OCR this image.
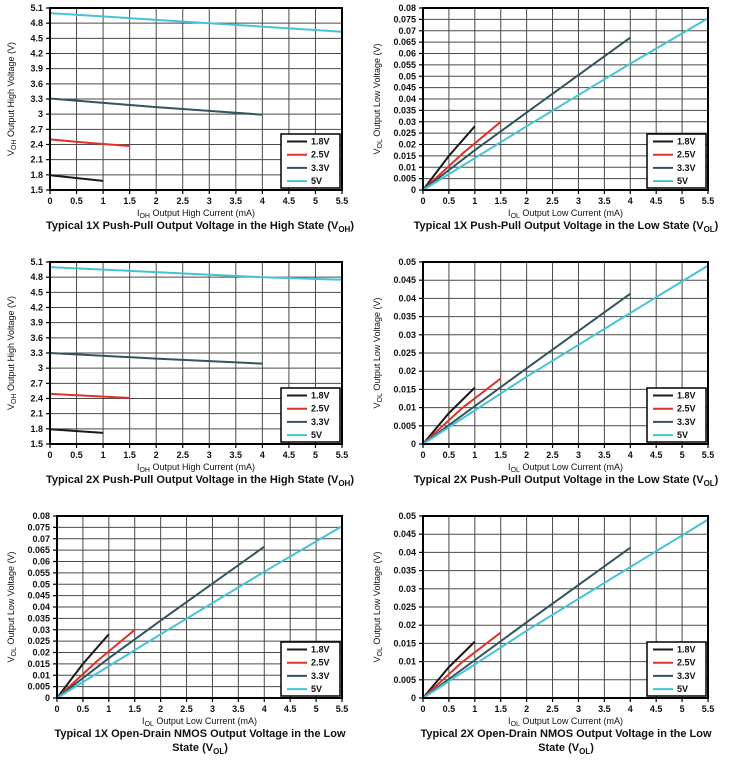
1.5
1.8
2.1
2.4
2.7
3
3.3
3.6
3.9
4.2
4.5
4.8
5.1
0 0.5 1 1.5 2 2.5 3 3.5 4 4.5 5 5.5
$I_{OH}$ Output High Current (mA)
$V_{OH}$ Output High Voltage (V)
1.8V
2.5V
3.3V
5V
Typical 1X Push-Pull Output Voltage in the High State $(V_{OH})$
0
0.005
0.01
0.015
0.02
0.025
0.03
0.035
0.04
0.045
0.05
0.055
0.06
0.065
0.07
0.075
0.08
0 0.5 1 1.5 2 2.5 3 3.5 4 4.5 5 5.5
$I_{OL}$ Output Low Current (mA)
$V_{OL}$ Output Low Voltage (V)
1.8V
2.5V
3.3V
5V
Typical 1X Push-Pull Output Voltage in the Low State $(V_{OL})$
1.5
1.8
2.1
2.4
2.7
3
3.3
3.6
3.9
4.2
4.5
4.8
5.1
0 0.5 1 1.5 2 2.5 3 3.5 4 4.5 5 5.5
$I_{OH}$ Output High Current (mA)
$V_{OH}$ Output High Voltage (V)
1.8V
2.5V
3.3V
5V
Typical 2X Push-Pull Output Voltage in the High State $(V_{OH})$
0
0.005
0.01
0.015
0.02
0.025
0.03
0.035
0.04
0.045
0.05
0 0.5 1 1.5 2 2.5 3 3.5 4 4.5 5 5.5
$I_{OL}$ Output Low Current (mA)
$V_{OL}$ Output Low Voltage (V)
1.8V
2.5V
3.3V
5V
Typical 2X Push-Pull Output Voltage in the Low State $(V_{OL})$
0
0.005
0.01
0.015
0.02
0.025
0.03
0.035
0.04
0.045
0.05
0.055
0.06
0.065
0.07
0.075
0.08
0 0.5 1 1.5 2 2.5 3 3.5 4 4.5 5 5.5
$I_{OL}$ Output Low Current (mA)
$V_{OL}$ Output Low Voltage (V)
1.8V
2.5V
3.3V
5V
Typical 1X Open-Drain NMOS Output Voltage in the Low State $(V_{OL})$
0
0.005
0.01
0.015
0.02
0.025
0.03
0.035
0.04
0.045
0.05
0 0.5 1 1.5 2 2.5 3 3.5 4 4.5 5 5.5
$I_{OL}$ Output Low Current (mA)
$V_{OL}$ Output Low Voltage (V)
1.8V
2.5V
3.3V
5V
Typical 2X Open-Drain NMOS Output Voltage in the Low State $(V_{OL})$
